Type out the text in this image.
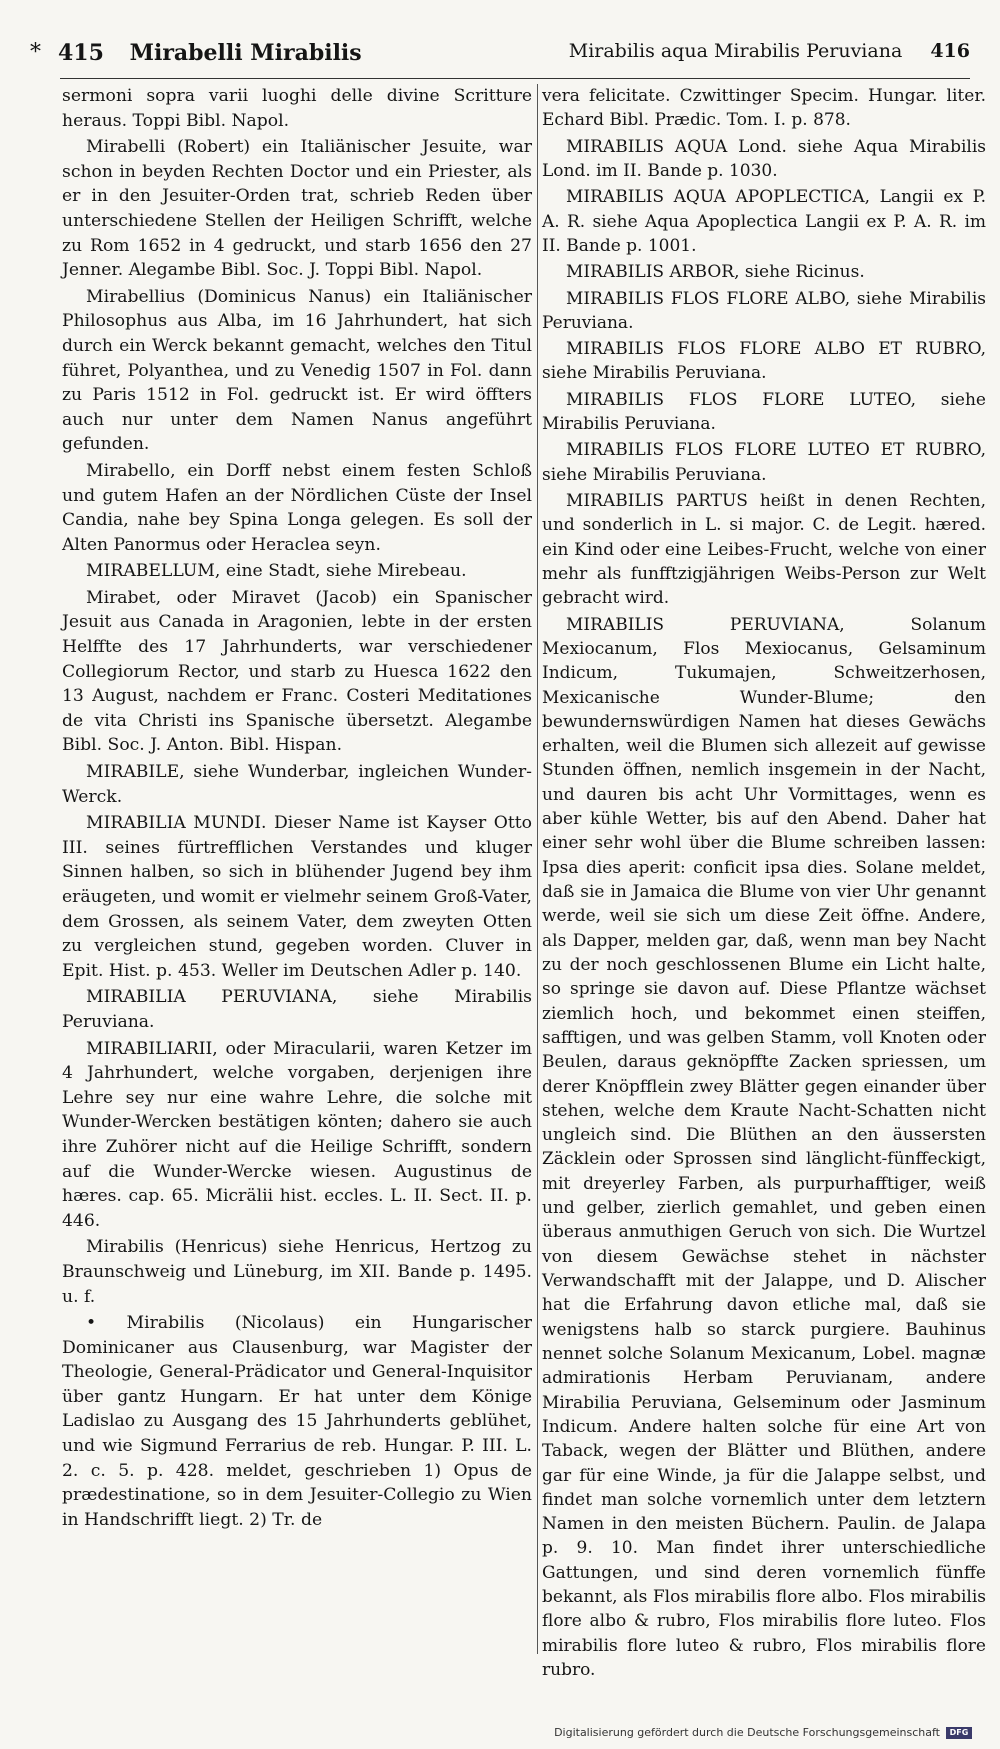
* 415 Mirabelli Mirabilis	Mirabilis aqua Mirabilis Peruviana 416

sermoni sopra varii luoghi delle divine Scritture heraus. Toppi Bibl. Napol.

Mirabelli (Robert) ein Italiänischer Jesuite, war schon in beyden Rechten Doctor und ein Priester, als er in den Jesuiter-Orden trat, schrieb Reden über unterschiedene Stellen der Heiligen Schrifft, welche zu Rom 1652 in 4 gedruckt, und starb 1656 den 27 Jenner. Alegambe Bibl. Soc. J. Toppi Bibl. Napol.

Mirabellius (Dominicus Nanus) ein Italiänischer Philosophus aus Alba, im 16 Jahrhundert, hat sich durch ein Werck bekannt gemacht, welches den Titul führet, Polyanthea, und zu Venedig 1507 in Fol. dann zu Paris 1512 in Fol. gedruckt ist. Er wird öffters auch nur unter dem Namen Nanus angeführt gefunden.

Mirabello, ein Dorff nebst einem festen Schloß und gutem Hafen an der Nördlichen Cüste der Insel Candia, nahe bey Spina Longa gelegen. Es soll der Alten Panormus oder Heraclea seyn.

MIRABELLUM, eine Stadt, siehe Mirebeau.

Mirabet, oder Miravet (Jacob) ein Spanischer Jesuit aus Canada in Aragonien, lebte in der ersten Helffte des 17 Jahrhunderts, war verschiedener Collegiorum Rector, und starb zu Huesca 1622 den 13 August, nachdem er Franc. Costeri Meditationes de vita Christi ins Spanische übersetzt. Alegambe Bibl. Soc. J. Anton. Bibl. Hispan.

MIRABILE, siehe Wunderbar, ingleichen Wunder-Werck.

MIRABILIA MUNDI. Dieser Name ist Kayser Otto III. seines fürtrefflichen Verstandes und kluger Sinnen halben, so sich in blühender Jugend bey ihm eräugeten, und womit er vielmehr seinem Groß-Vater, dem Grossen, als seinem Vater, dem zweyten Otten zu vergleichen stund, gegeben worden. Cluver in Epit. Hist. p. 453. Weller im Deutschen Adler p. 140.

MIRABILIA PERUVIANA, siehe Mirabilis Peruviana.

MIRABILIARII, oder Miracularii, waren Ketzer im 4 Jahrhundert, welche vorgaben, derjenigen ihre Lehre sey nur eine wahre Lehre, die solche mit Wunder-Wercken bestätigen könten; dahero sie auch ihre Zuhörer nicht auf die Heilige Schrifft, sondern auf die Wunder-Wercke wiesen. Augustinus de hæres. cap. 65. Micrälii hist. eccles. L. II. Sect. II. p. 446.

Mirabilis (Henricus) siehe Henricus, Hertzog zu Braunschweig und Lüneburg, im XII. Bande p. 1495. u. f.

• Mirabilis (Nicolaus) ein Hungarischer Dominicaner aus Clausenburg, war Magister der Theologie, General-Prädicator und General-Inquisitor über gantz Hungarn. Er hat unter dem Könige Ladislao zu Ausgang des 15 Jahrhunderts geblühet, und wie Sigmund Ferrarius de reb. Hungar. P. III. L. 2. c. 5. p. 428. meldet, geschrieben 1) Opus de prædestinatione, so in dem Jesuiter-Collegio zu Wien in Handschrifft liegt. 2) Tr. de

vera felicitate. Czwittinger Specim. Hungar. liter. Echard Bibl. Prædic. Tom. I. p. 878.

MIRABILIS AQUA Lond. siehe Aqua Mirabilis Lond. im II. Bande p. 1030.

MIRABILIS AQUA APOPLECTICA, Langii ex P. A. R. siehe Aqua Apoplectica Langii ex P. A. R. im II. Bande p. 1001.

MIRABILIS ARBOR, siehe Ricinus.

MIRABILIS FLOS FLORE ALBO, siehe Mirabilis Peruviana.

MIRABILIS FLOS FLORE ALBO ET RUBRO, siehe Mirabilis Peruviana.

MIRABILIS FLOS FLORE LUTEO, siehe Mirabilis Peruviana.

MIRABILIS FLOS FLORE LUTEO ET RUBRO, siehe Mirabilis Peruviana.

MIRABILIS PARTUS heißt in denen Rechten, und sonderlich in L. si major. C. de Legit. hæred. ein Kind oder eine Leibes-Frucht, welche von einer mehr als funfftzigjährigen Weibs-Person zur Welt gebracht wird.

MIRABILIS PERUVIANA, Solanum Mexiocanum, Flos Mexiocanus, Gelsaminum Indicum, Tukumajen, Schweitzerhosen, Mexicanische Wunder-Blume; den bewundernswürdigen Namen hat dieses Gewächs erhalten, weil die Blumen sich allezeit auf gewisse Stunden öffnen, nemlich insgemein in der Nacht, und dauren bis acht Uhr Vormittages, wenn es aber kühle Wetter, bis auf den Abend. Daher hat einer sehr wohl über die Blume schreiben lassen: Ipsa dies aperit: conficit ipsa dies. Solane meldet, daß sie in Jamaica die Blume von vier Uhr genannt werde, weil sie sich um diese Zeit öffne. Andere, als Dapper, melden gar, daß, wenn man bey Nacht zu der noch geschlossenen Blume ein Licht halte, so springe sie davon auf. Diese Pflantze wächset ziemlich hoch, und bekommet einen steiffen, safftigen, und was gelben Stamm, voll Knoten oder Beulen, daraus geknöpffte Zacken spriessen, um derer Knöpfflein zwey Blätter gegen einander über stehen, welche dem Kraute Nacht-Schatten nicht ungleich sind. Die Blüthen an den äussersten Zäcklein oder Sprossen sind länglicht-fünffeckigt, mit dreyerley Farben, als purpurhafftiger, weiß und gelber, zierlich gemahlet, und geben einen überaus anmuthigen Geruch von sich. Die Wurtzel von diesem Gewächse stehet in nächster Verwandschafft mit der Jalappe, und D. Alischer hat die Erfahrung davon etliche mal, daß sie wenigstens halb so starck purgiere. Bauhinus nennet solche Solanum Mexicanum, Lobel. magnæ admirationis Herbam Peruvianam, andere Mirabilia Peruviana, Gelseminum oder Jasminum Indicum. Andere halten solche für eine Art von Taback, wegen der Blätter und Blüthen, andere gar für eine Winde, ja für die Jalappe selbst, und findet man solche vornemlich unter dem letztern Namen in den meisten Büchern. Paulin. de Jalapa p. 9. 10. Man findet ihrer unterschiedliche Gattungen, und sind deren vornemlich fünffe bekannt, als Flos mirabilis flore albo. Flos mirabilis flore albo & rubro, Flos mirabilis flore luteo. Flos mirabilis flore luteo & rubro, Flos mirabilis flore rubro.

Digitalisierung gefördert durch die Deutsche Forschungsgemeinschaft	DFG
